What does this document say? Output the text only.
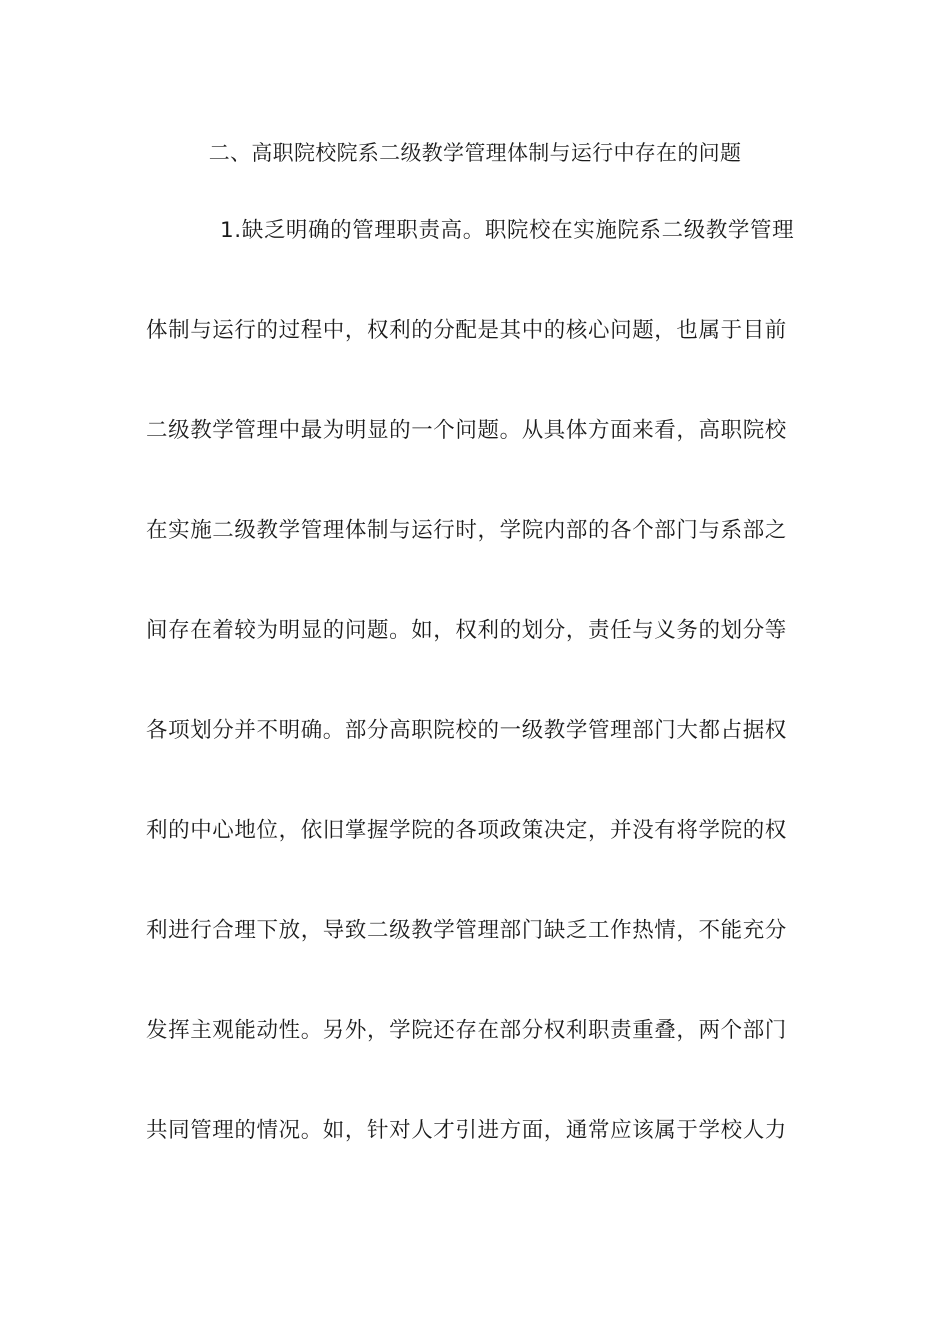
二、高职院校院系二级教学管理体制与运行中存在的问题
1.缺乏明确的管理职责高。职院校在实施院系二级教学管理
体制与运行的过程中，权利的分配是其中的核心问题，也属于目前
二级教学管理中最为明显的一个问题。从具体方面来看，高职院校
在实施二级教学管理体制与运行时，学院内部的各个部门与系部之
间存在着较为明显的问题。如，权利的划分，责任与义务的划分等
各项划分并不明确。部分高职院校的一级教学管理部门大都占据权
利的中心地位，依旧掌握学院的各项政策决定，并没有将学院的权
利进行合理下放，导致二级教学管理部门缺乏工作热情，不能充分
发挥主观能动性。另外，学院还存在部分权利职责重叠，两个部门
共同管理的情况。如，针对人才引进方面，通常应该属于学校人力
